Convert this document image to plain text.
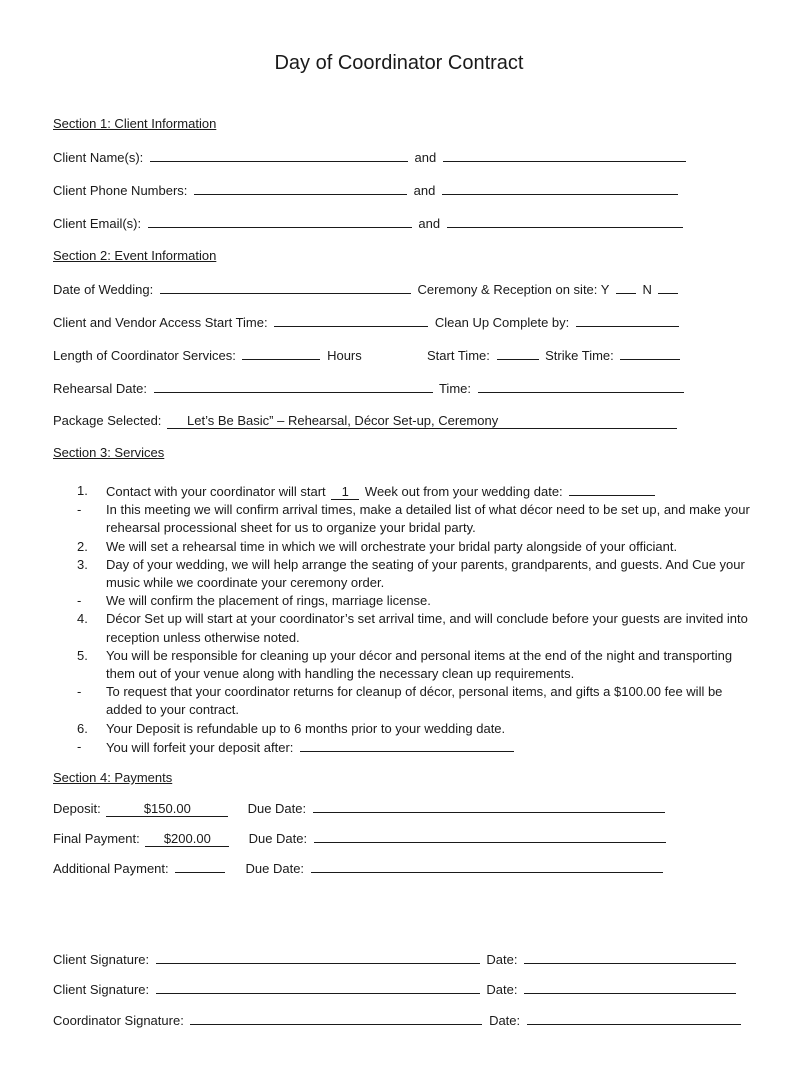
Day of Coordinator Contract
Section 1: Client Information
Client Name(s):	and
Client Phone Numbers:	and
Client Email(s):	and
Section 2: Event Information
Date of Wedding:	Ceremony & Reception on site: Y	N
Client and Vendor Access Start Time:	Clean Up Complete by:
Length of Coordinator Services:	Hours	Start Time:	Strike Time:
Rehearsal Date:	Time:
Package Selected: Let’s Be Basic” – Rehearsal, Décor Set-up, Ceremony
Section 3: Services
1.	Contact with your coordinator will start 1 Week out from your wedding date:
-	In this meeting we will confirm arrival times, make a detailed list of what décor need to be set up, and make your rehearsal processional sheet for us to organize your bridal party.
2.	We will set a rehearsal time in which we will orchestrate your bridal party alongside of your officiant.
3.	Day of your wedding, we will help arrange the seating of your parents, grandparents, and guests. And Cue your music while we coordinate your ceremony order.
-	We will confirm the placement of rings, marriage license.
4.	Décor Set up will start at your coordinator’s set arrival time, and will conclude before your guests are invited into reception unless otherwise noted.
5.	You will be responsible for cleaning up your décor and personal items at the end of the night and transporting them out of your venue along with handling the necessary clean up requirements.
-	To request that your coordinator returns for cleanup of décor, personal items, and gifts a $100.00 fee will be added to your contract.
6.	Your Deposit is refundable up to 6 months prior to your wedding date.
-	You will forfeit your deposit after:
Section 4: Payments
Deposit:	$150.00	Due Date:
Final Payment: $200.00	Due Date:
Additional Payment:	Due Date:
Client Signature:	Date:
Client Signature:	Date:
Coordinator Signature:	Date:
